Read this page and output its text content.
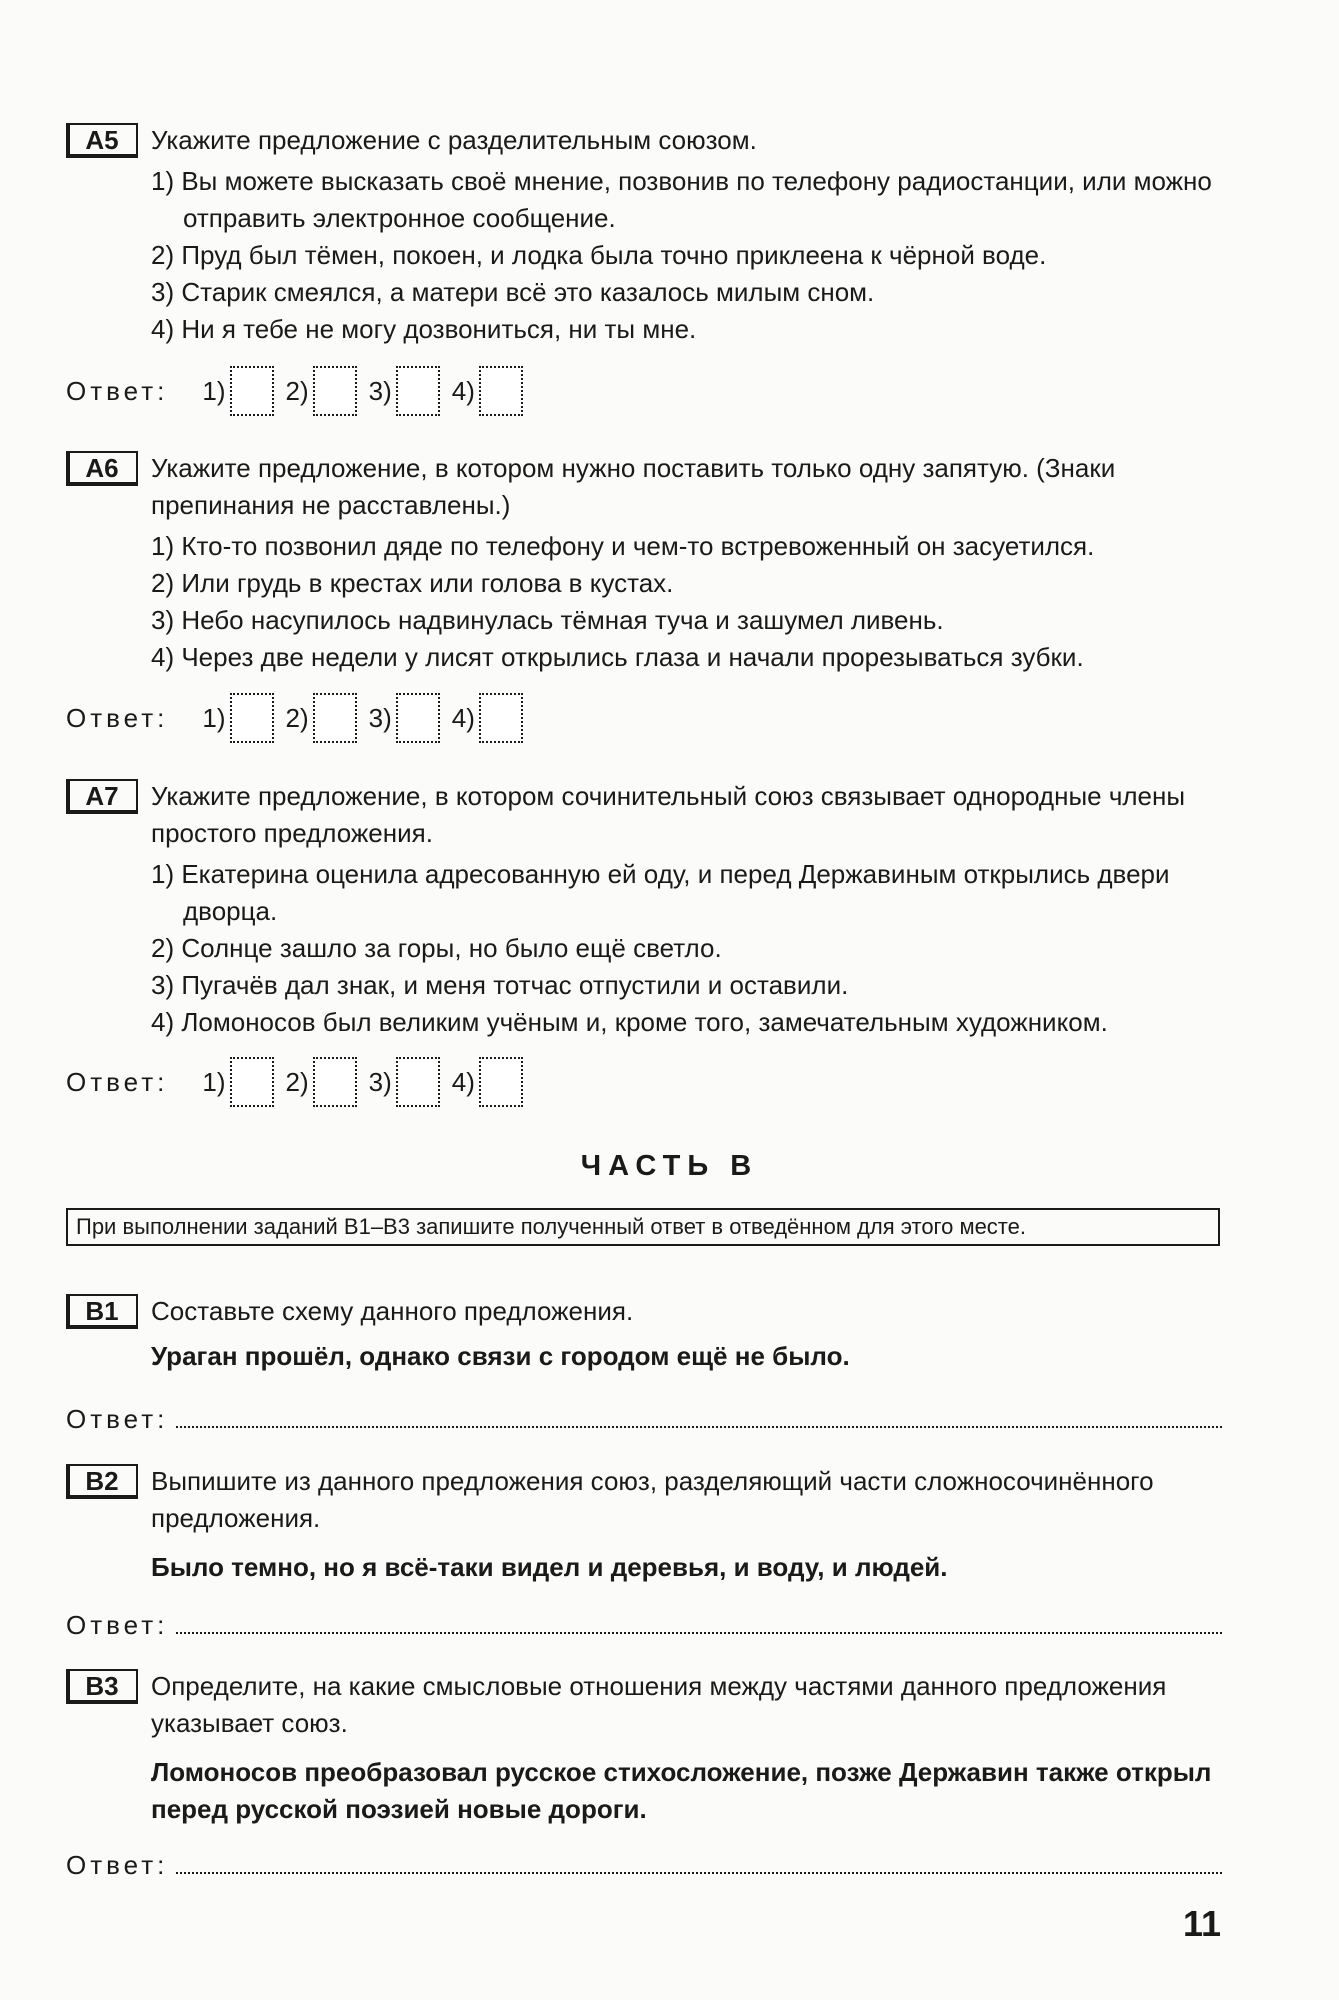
А5	Укажите предложение с разделительным союзом.
1) Вы можете высказать своё мнение, позвонив по телефону радиостанции, или можно отправить электронное сообщение.
2) Пруд был тёмен, покоен, и лодка была точно приклеена к чёрной воде.
3) Старик смеялся, а матери всё это казалось милым сном.
4) Ни я тебе не могу дозвониться, ни ты мне.
Ответ: 1) 2) 3) 4)
А6	Укажите предложение, в котором нужно поставить только одну запятую. (Знаки препинания не расставлены.)
1) Кто-то позвонил дяде по телефону и чем-то встревоженный он засуетился.
2) Или грудь в крестах или голова в кустах.
3) Небо насупилось надвинулась тёмная туча и зашумел ливень.
4) Через две недели у лисят открылись глаза и начали прорезываться зубки.
Ответ: 1) 2) 3) 4)
А7	Укажите предложение, в котором сочинительный союз связывает однородные члены простого предложения.
1) Екатерина оценила адресованную ей оду, и перед Державиным открылись двери дворца.
2) Солнце зашло за горы, но было ещё светло.
3) Пугачёв дал знак, и меня тотчас отпустили и оставили.
4) Ломоносов был великим учёным и, кроме того, замечательным художником.
Ответ: 1) 2) 3) 4)
ЧАСТЬ В
При выполнении заданий В1–В3 запишите полученный ответ в отведённом для этого месте.
В1	Составьте схему данного предложения.
Ураган прошёл, однако связи с городом ещё не было.
Ответ:
В2	Выпишите из данного предложения союз, разделяющий части сложносочинённого предложения.
Было темно, но я всё-таки видел и деревья, и воду, и людей.
Ответ:
В3	Определите, на какие смысловые отношения между частями данного предложения указывает союз.
Ломоносов преобразовал русское стихосложение, позже Державин также открыл перед русской поэзией новые дороги.
Ответ:
11
